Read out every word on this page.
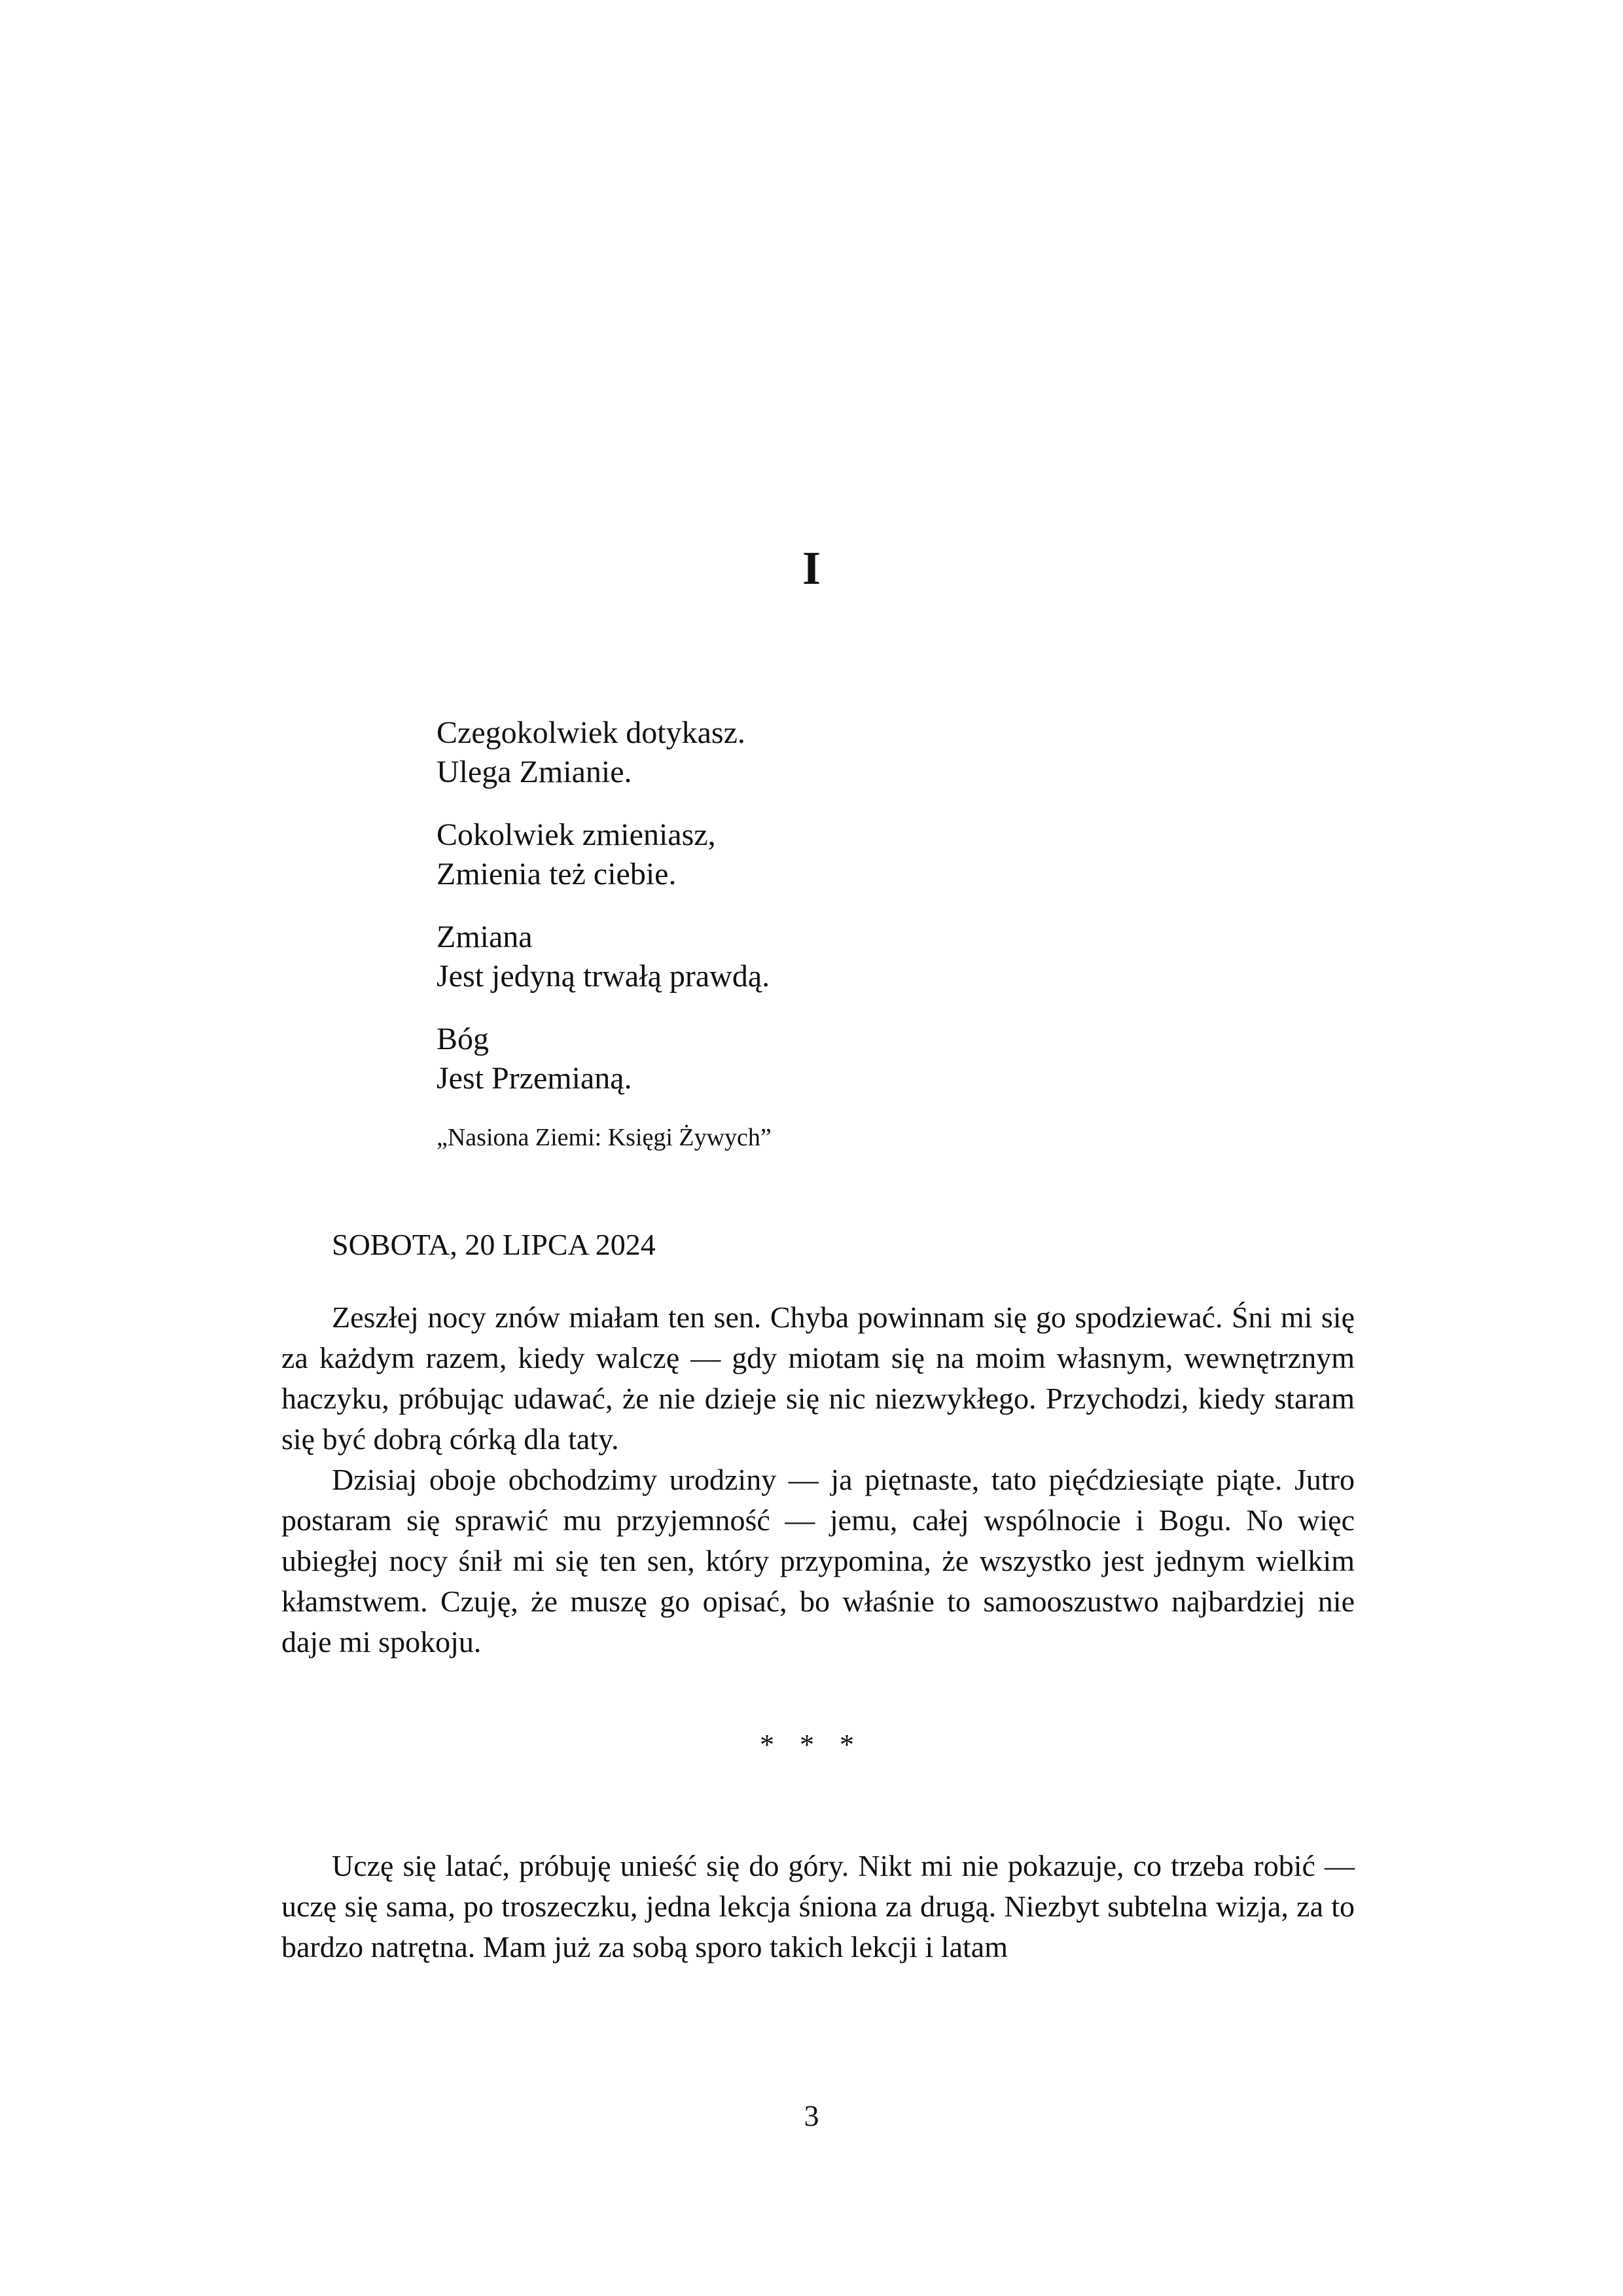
I
Czegokolwiek dotykasz.
Ulega Zmianie.
Cokolwiek zmieniasz,
Zmienia też ciebie.
Zmiana
Jest jedyną trwałą prawdą.
Bóg
Jest Przemianą.
„Nasiona Ziemi: Księgi Żywych”
SOBOTA, 20 LIPCA 2024

Zeszłej nocy znów miałam ten sen. Chyba powinnam się go spodziewać. Śni mi się za każdym razem, kiedy walczę — gdy miotam się na moim własnym, wewnętrznym haczyku, próbując udawać, że nie dzieje się nic niezwykłego. Przychodzi, kiedy staram się być dobrą córką dla taty.

Dzisiaj oboje obchodzimy urodziny — ja piętnaste, tato pięćdziesiąte piąte. Jutro postaram się sprawić mu przyjemność — jemu, całej wspólnocie i Bogu. No więc ubiegłej nocy śnił mi się ten sen, który przypomina, że wszystko jest jednym wielkim kłamstwem. Czuję, że muszę go opisać, bo właśnie to samooszustwo najbardziej nie daje mi spokoju.

* * *

Uczę się latać, próbuję unieść się do góry. Nikt mi nie pokazuje, co trzeba robić — uczę się sama, po troszeczku, jedna lekcja śniona za drugą. Niezbyt subtelna wizja, za to bardzo natrętna. Mam już za sobą sporo takich lekcji i latam

3
